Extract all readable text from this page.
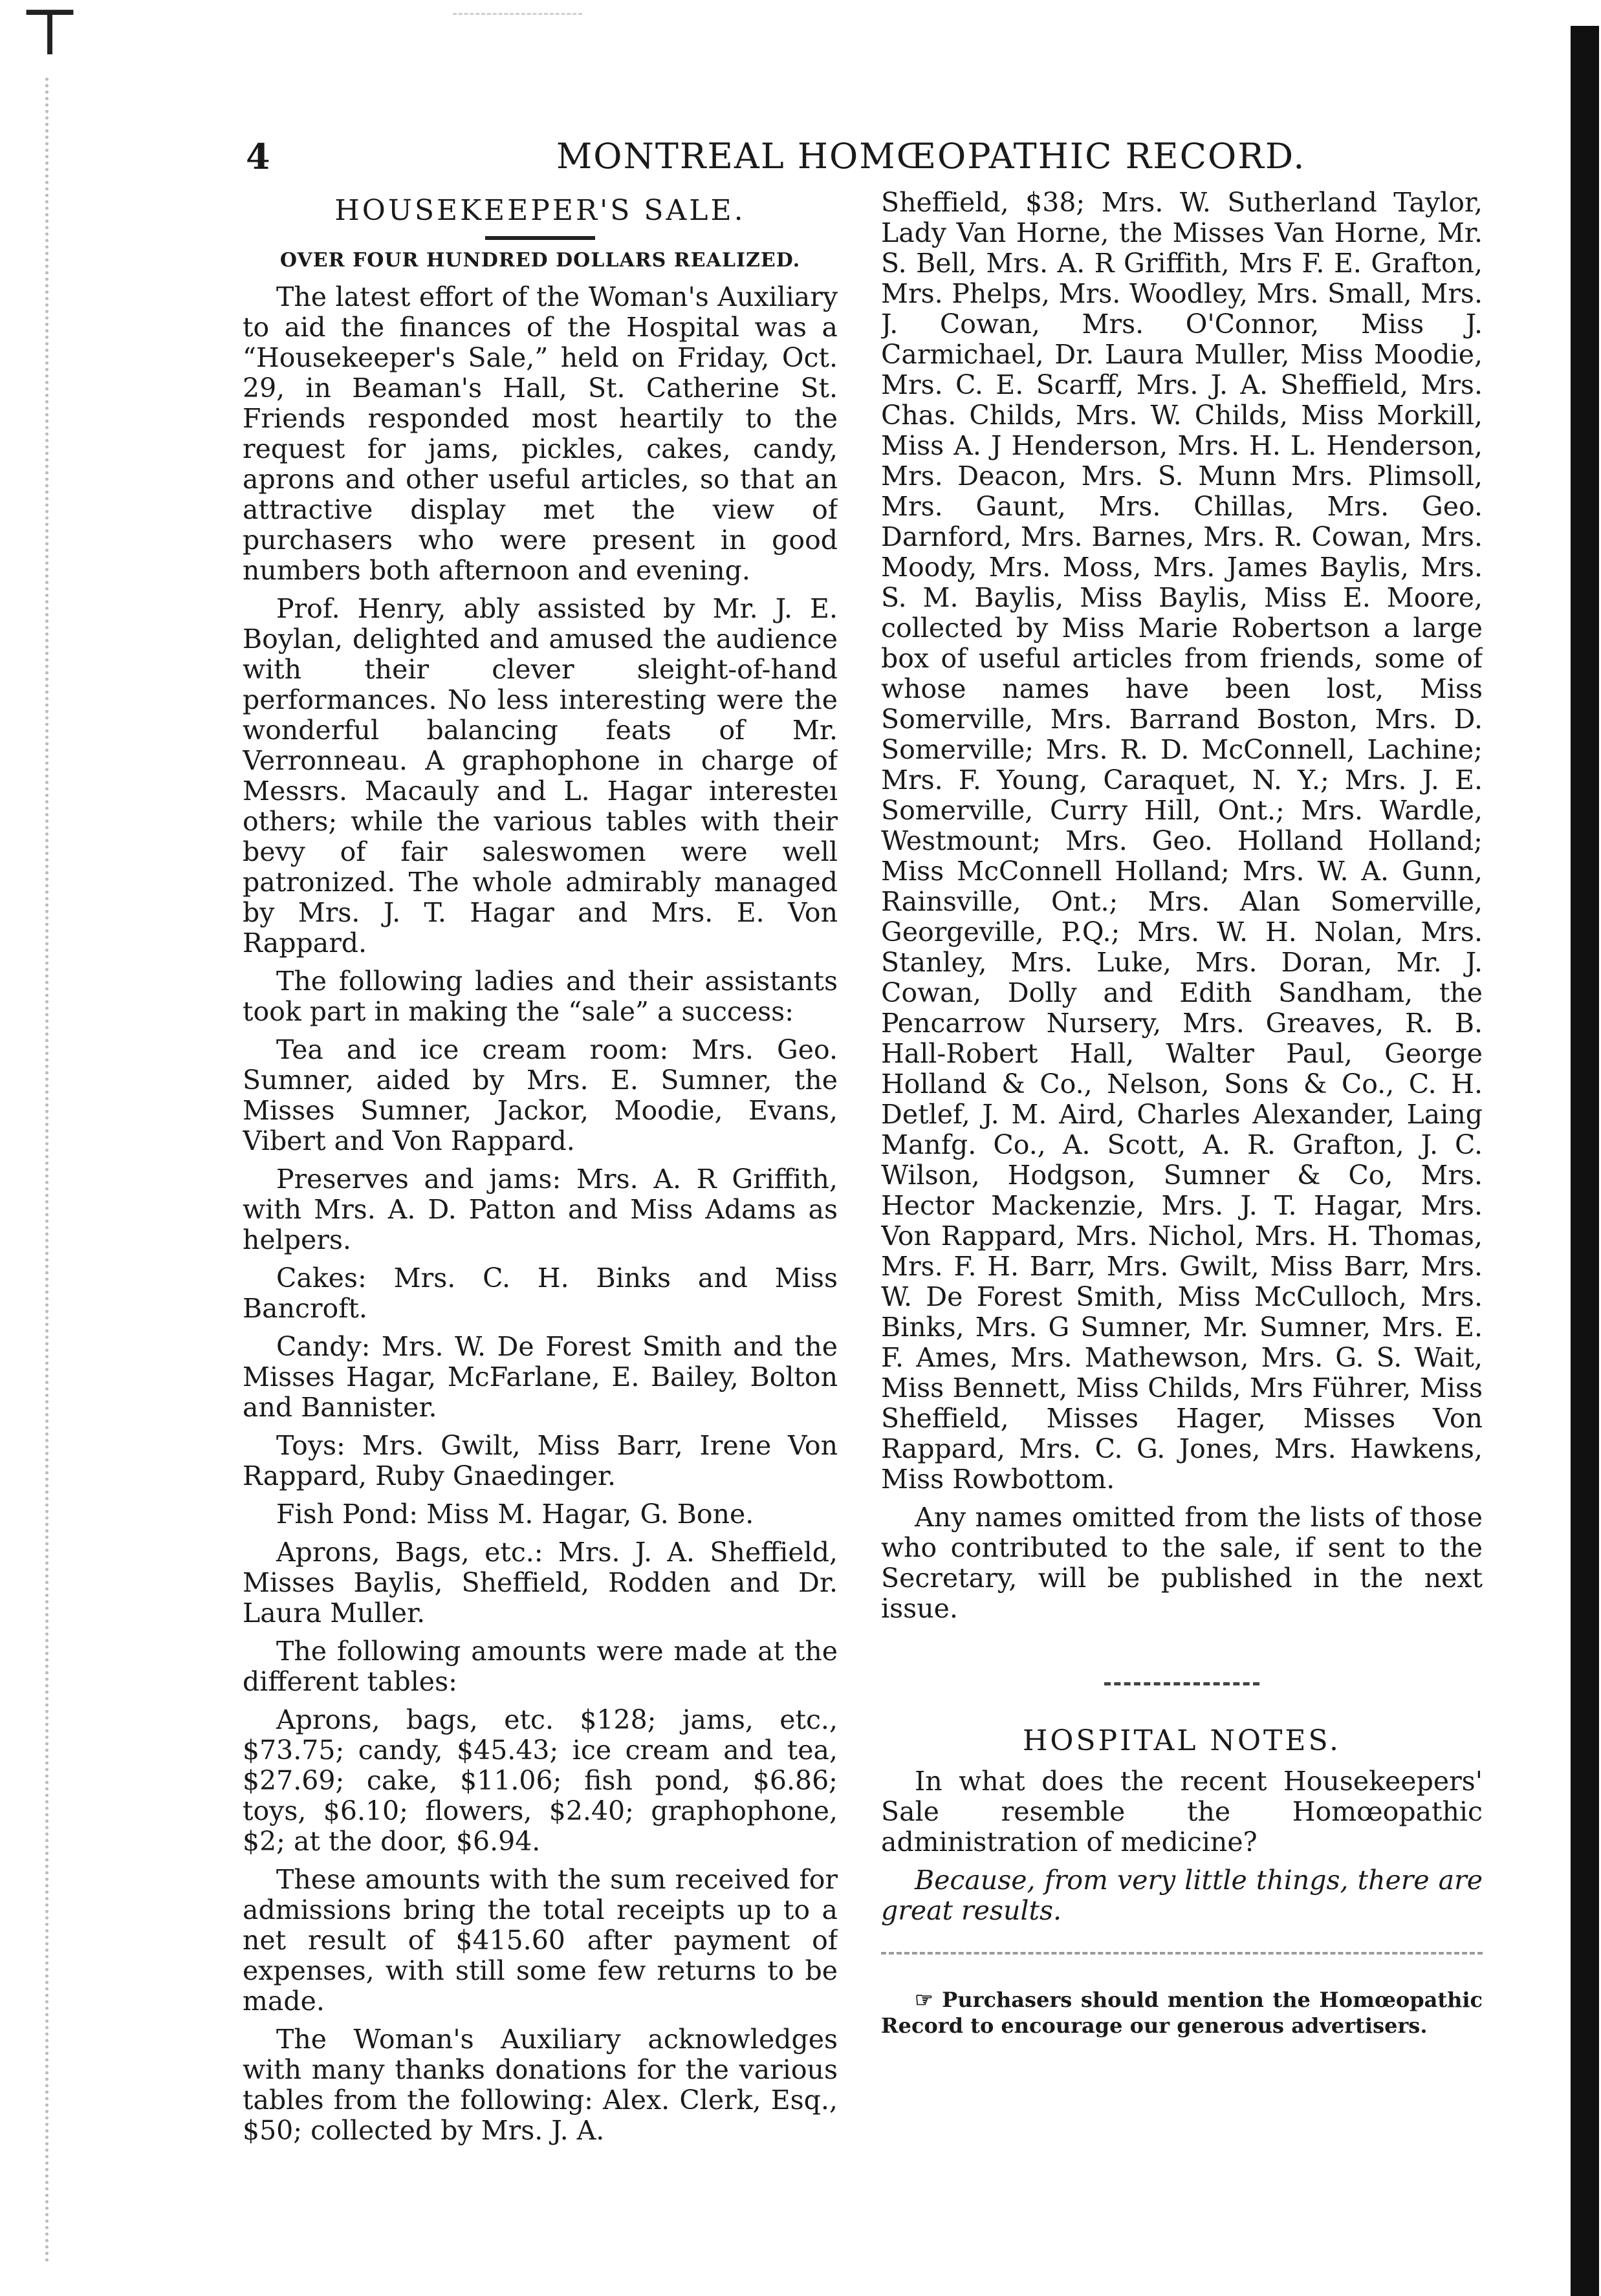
⊤
4	MONTREAL HOMŒOPATHIC RECORD.
HOUSEKEEPER'S SALE.
OVER FOUR HUNDRED DOLLARS REALIZED.

The latest effort of the Woman's Auxiliary to aid the finances of the Hospital was a “Housekeeper's Sale,” held on Friday, Oct. 29, in Beaman's Hall, St. Catherine St. Friends responded most heartily to the request for jams, pickles, cakes, candy, aprons and other useful articles, so that an attractive display met the view of purchasers who were present in good numbers both afternoon and evening.

Prof. Henry, ably assisted by Mr. J. E. Boylan, delighted and amused the audience with their clever sleight-of-hand performances. No less interesting were the wonderful balancing feats of Mr. Verronneau. A graphophone in charge of Messrs. Macauly and L. Hagar interesteı others; while the various tables with their bevy of fair saleswomen were well patronized. The whole admirably managed by Mrs. J. T. Hagar and Mrs. E. Von Rappard.

The following ladies and their assistants took part in making the “sale” a success:

Tea and ice cream room: Mrs. Geo. Sumner, aided by Mrs. E. Sumner, the Misses Sumner, Jackor, Moodie, Evans, Vibert and Von Rappard.

Preserves and jams: Mrs. A. R Griffith, with Mrs. A. D. Patton and Miss Adams as helpers.

Cakes: Mrs. C. H. Binks and Miss Bancroft.

Candy: Mrs. W. De Forest Smith and the Misses Hagar, McFarlane, E. Bailey, Bolton and Bannister.

Toys: Mrs. Gwilt, Miss Barr, Irene Von Rappard, Ruby Gnaedinger.

Fish Pond: Miss M. Hagar, G. Bone.

Aprons, Bags, etc.: Mrs. J. A. Sheffield, Misses Baylis, Sheffield, Rodden and Dr. Laura Muller.

The following amounts were made at the different tables:

Aprons, bags, etc. $128; jams, etc., $73.75; candy, $45.43; ice cream and tea, $27.69; cake, $11.06; fish pond, $6.86; toys, $6.10; flowers, $2.40; graphophone, $2; at the door, $6.94.

These amounts with the sum received for admissions bring the total receipts up to a net result of $415.60 after payment of expenses, with still some few returns to be made.

The Woman's Auxiliary acknowledges with many thanks donations for the various tables from the following: Alex. Clerk, Esq., $50; collected by Mrs. J. A.

Sheffield, $38; Mrs. W. Sutherland Taylor, Lady Van Horne, the Misses Van Horne, Mr. S. Bell, Mrs. A. R Griffith, Mrs F. E. Grafton, Mrs. Phelps, Mrs. Woodley, Mrs. Small, Mrs. J. Cowan, Mrs. O'Connor, Miss J. Carmichael, Dr. Laura Muller, Miss Moodie, Mrs. C. E. Scarff, Mrs. J. A. Sheffield, Mrs. Chas. Childs, Mrs. W. Childs, Miss Morkill, Miss A. J Henderson, Mrs. H. L. Henderson, Mrs. Deacon, Mrs. S. Munn Mrs. Plimsoll, Mrs. Gaunt, Mrs. Chillas, Mrs. Geo. Darnford, Mrs. Barnes, Mrs. R. Cowan, Mrs. Moody, Mrs. Moss, Mrs. James Baylis, Mrs. S. M. Baylis, Miss Baylis, Miss E. Moore, collected by Miss Marie Robertson a large box of useful articles from friends, some of whose names have been lost, Miss Somerville, Mrs. Barrand Boston, Mrs. D. Somerville; Mrs. R. D. McConnell, Lachine; Mrs. F. Young, Caraquet, N. Y.; Mrs. J. E. Somerville, Curry Hill, Ont.; Mrs. Wardle, Westmount; Mrs. Geo. Holland Holland; Miss McConnell Holland; Mrs. W. A. Gunn, Rainsville, Ont.; Mrs. Alan Somerville, Georgeville, P.Q.; Mrs. W. H. Nolan, Mrs. Stanley, Mrs. Luke, Mrs. Doran, Mr. J. Cowan, Dolly and Edith Sandham, the Pencarrow Nursery, Mrs. Greaves, R. B. Hall-Robert Hall, Walter Paul, George Holland & Co., Nelson, Sons & Co., C. H. Detlef, J. M. Aird, Charles Alexander, Laing Manfg. Co., A. Scott, A. R. Grafton, J. C. Wilson, Hodgson, Sumner & Co, Mrs. Hector Mackenzie, Mrs. J. T. Hagar, Mrs. Von Rappard, Mrs. Nichol, Mrs. H. Thomas, Mrs. F. H. Barr, Mrs. Gwilt, Miss Barr, Mrs. W. De Forest Smith, Miss McCulloch, Mrs. Binks, Mrs. G Sumner, Mr. Sumner, Mrs. E. F. Ames, Mrs. Mathewson, Mrs. G. S. Wait, Miss Bennett, Miss Childs, Mrs Führer, Miss Sheffield, Misses Hager, Misses Von Rappard, Mrs. C. G. Jones, Mrs. Hawkens, Miss Rowbottom.

Any names omitted from the lists of those who contributed to the sale, if sent to the Secretary, will be published in the next issue.

HOSPITAL NOTES.

In what does the recent Housekeepers' Sale resemble the Homœopathic administration of medicine?

Because, from very little things, there are great results.

☞ Purchasers should mention the Homœopathic Record to encourage our generous advertisers.
